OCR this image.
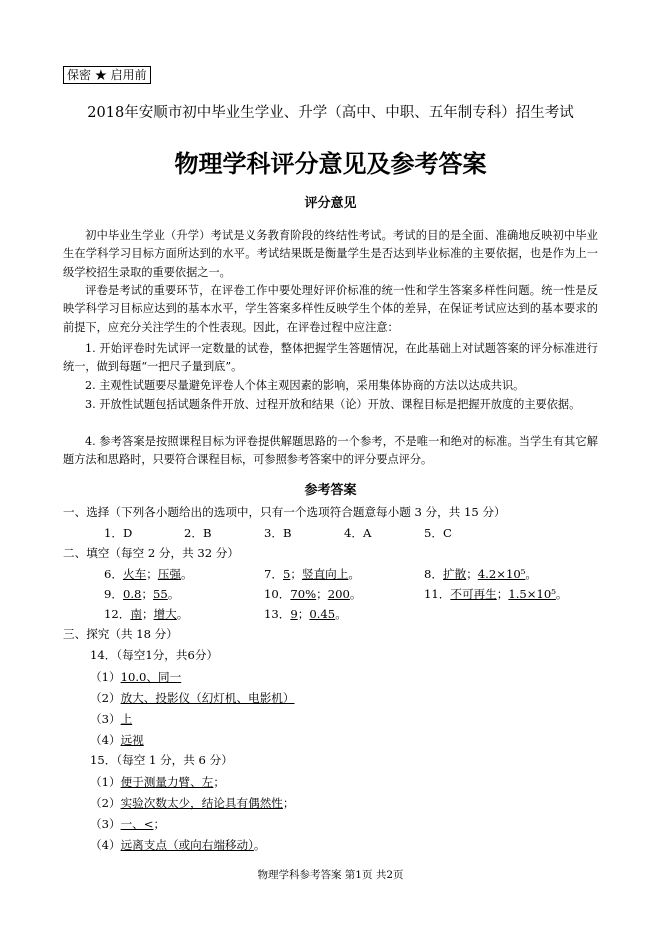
保密 ★ 启用前
2018年安顺市初中毕业生学业、升学（高中、中职、五年制专科）招生考试
物理学科评分意见及参考答案
评分意见
初中毕业生学业（升学）考试是义务教育阶段的终结性考试。考试的目的是全面、准确地反映初中毕业生在学科学习目标方面所达到的水平。考试结果既是衡量学生是否达到毕业标准的主要依据，也是作为上一级学校招生录取的重要依据之一。
评卷是考试的重要环节，在评卷工作中要处理好评价标准的统一性和学生答案多样性问题。统一性是反映学科学习目标应达到的基本水平，学生答案多样性反映学生个体的差异，在保证考试应达到的基本要求的前提下，应充分关注学生的个性表现。因此，在评卷过程中应注意：
1. 开始评卷时先试评一定数量的试卷，整体把握学生答题情况，在此基础上对试题答案的评分标准进行统一，做到每题“一把尺子量到底”。
2. 主观性试题要尽量避免评卷人个体主观因素的影响，采用集体协商的方法以达成共识。
3. 开放性试题包括试题条件开放、过程开放和结果（论）开放、课程目标是把握开放度的主要依据。
4. 参考答案是按照课程目标为评卷提供解题思路的一个参考，不是唯一和绝对的标准。当学生有其它解题方法和思路时，只要符合课程目标，可参照参考答案中的评分要点评分。
参考答案
一、选择（下列各小题给出的选项中，只有一个选项符合题意每小题 3 分，共 15 分）
1．D	2．B	3．B	4．A	5．C
二、填空（每空 2 分，共 32 分）
6．火车；压强。	7．5；竖直向上。	8．扩散；4.2×10⁵。
9．0.8；55。	10．70%；200。	11．不可再生；1.5×10⁵。
12．南；增大。	13．9；0.45。
三、探究（共 18 分）
14．（每空1分，共6分）
（1）10.0、同一
（2）放大、投影仪（幻灯机、电影机）
（3）上
（4）远视
15．（每空 1 分，共 6 分）
（1）便于测量力臂、左；
（2）实验次数太少，结论具有偶然性；
（3）一、<；
（4）远离支点（或向右端移动）。
物理学科参考答案 第1页 共2页
